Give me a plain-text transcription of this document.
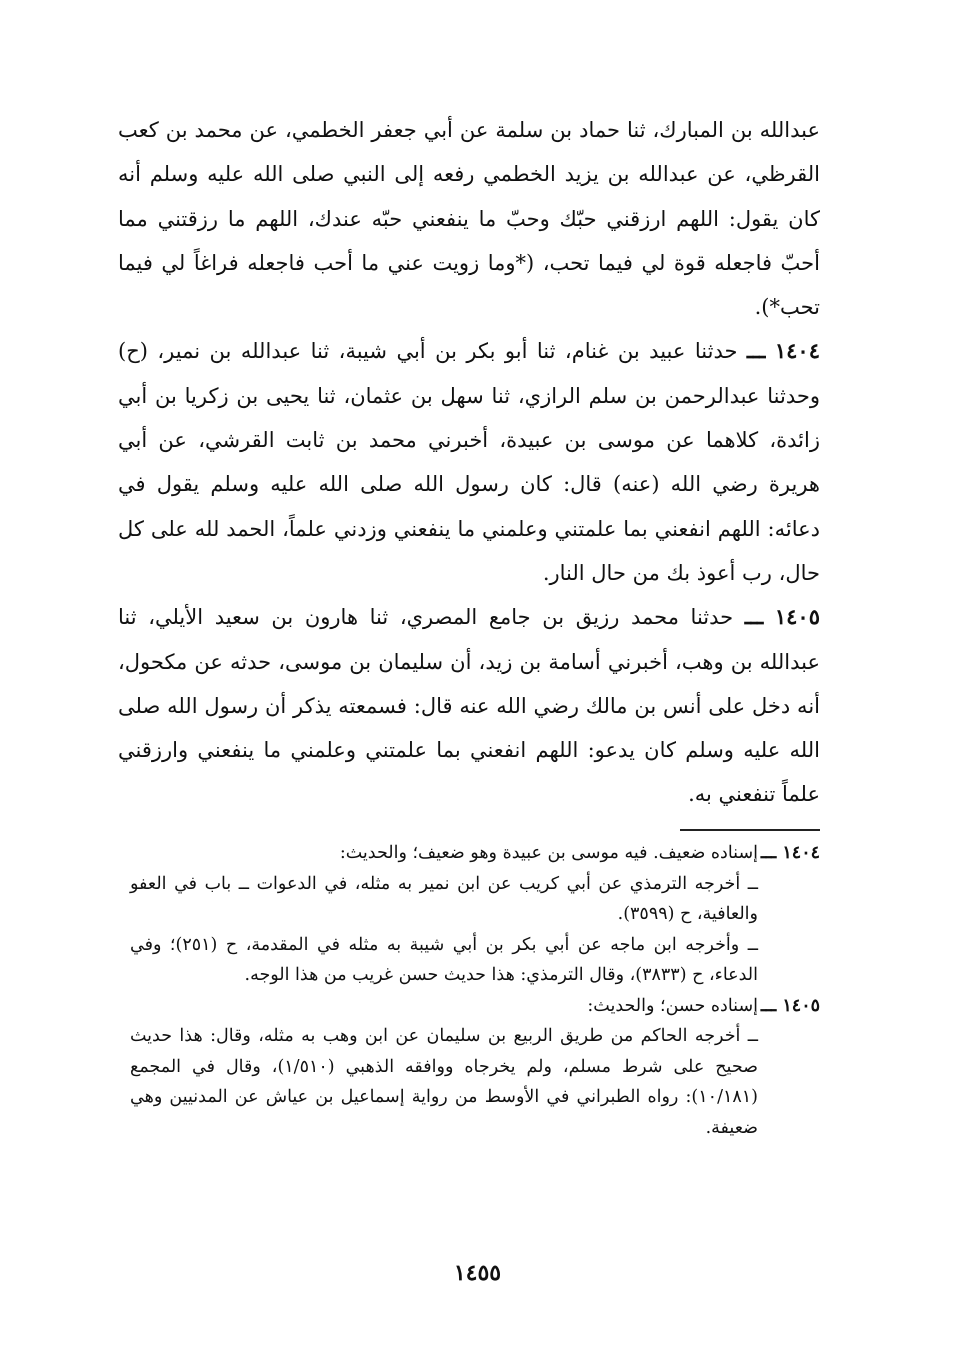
عبدالله بن المبارك، ثنا حماد بن سلمة عن أبي جعفر الخطمي، عن محمد بن كعب القرظي، عن عبدالله بن يزيد الخطمي رفعه إلى النبي صلى الله عليه وسلم أنه كان يقول: اللهم ارزقني حبّك وحبّ ما ينفعني حبّه عندك، اللهم ما رزقتني مما أحبّ فاجعله قوة لي فيما تحب، (*وما زويت عني ما أحب فاجعله فراغاً لي فيما تحب*).

١٤٠٤ ـــ حدثنا عبيد بن غنام، ثنا أبو بكر بن أبي شيبة، ثنا عبدالله بن نمير، (ح) وحدثنا عبدالرحمن بن سلم الرازي، ثنا سهل بن عثمان، ثنا يحيى بن زكريا بن أبي زائدة، كلاهما عن موسى بن عبيدة، أخبرني محمد بن ثابت القرشي، عن أبي هريرة رضي الله (عنه) قال: كان رسول الله صلى الله عليه وسلم يقول في دعائه: اللهم انفعني بما علمتني وعلمني ما ينفعني وزدني علماً، الحمد لله على كل حال، رب أعوذ بك من حال النار.

١٤٠٥ ـــ حدثنا محمد رزيق بن جامع المصري، ثنا هارون بن سعيد الأيلي، ثنا عبدالله بن وهب، أخبرني أسامة بن زيد، أن سليمان بن موسى، حدثه عن مكحول، أنه دخل على أنس بن مالك رضي الله عنه قال: فسمعته يذكر أن رسول الله صلى الله عليه وسلم كان يدعو: اللهم انفعني بما علمتني وعلمني ما ينفعني وارزقني علماً تنفعني به.

١٤٠٤ ـــ

إسناده ضعيف. فيه موسى بن عبيدة وهو ضعيف؛ والحديث:

ــ أخرجه الترمذي عن أبي كريب عن ابن نمير به مثله، في الدعوات ــ باب في العفو والعافية، ح (٣٥٩٩).

ــ وأخرجه ابن ماجه عن أبي بكر بن أبي شيبة به مثله في المقدمة، ح (٢٥١)؛ وفي الدعاء، ح (٣٨٣٣)، وقال الترمذي: هذا حديث حسن غريب من هذا الوجه.

١٤٠٥ ـــ

إسناده حسن؛ والحديث:

ــ أخرجه الحاكم من طريق الربيع بن سليمان عن ابن وهب به مثله، وقال: هذا حديث صحيح على شرط مسلم، ولم يخرجاه ووافقه الذهبي (١/٥١٠)، وقال في المجمع (١٠/١٨١): رواه الطبراني في الأوسط من رواية إسماعيل بن عياش عن المدنيين وهي ضعيفة.

١٤٥٥
